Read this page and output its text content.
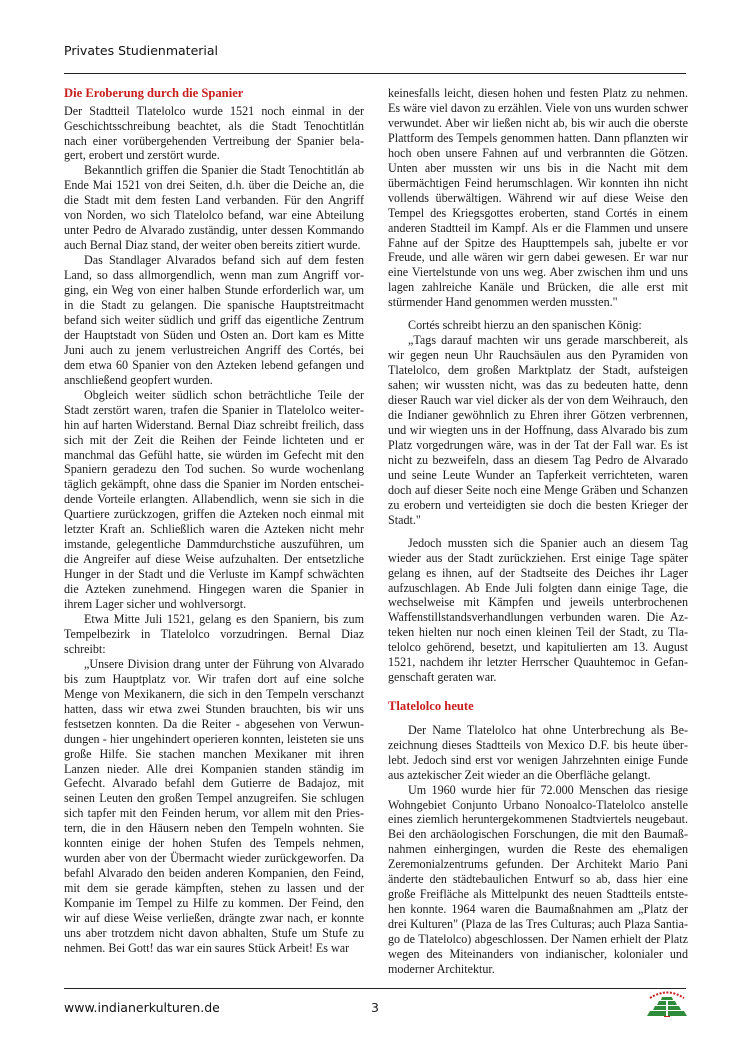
Privates Studienmaterial
Die Eroberung durch die Spanier

Der Stadtteil Tlatelolco wurde 1521 noch einmal in der Geschichtsschreibung beachtet, als die Stadt Tenochtitlán nach einer vorübergehenden Vertreibung der Spanier belagert, erobert und zerstört wurde.

Bekanntlich griffen die Spanier die Stadt Tenochtitlán ab Ende Mai 1521 von drei Seiten, d.h. über die Deiche an, die die Stadt mit dem festen Land verbanden. Für den Angriff von Norden, wo sich Tlatelolco befand, war eine Abteilung unter Pedro de Alvarado zuständig, unter dessen Kommando auch Bernal Diaz stand, der weiter oben bereits zitiert wurde.

Das Standlager Alvarados befand sich auf dem festen Land, so dass allmorgendlich, wenn man zum Angriff vorging, ein Weg von einer halben Stunde erforderlich war, um in die Stadt zu gelangen. Die spanische Hauptstreitmacht befand sich weiter südlich und griff das eigentliche Zentrum der Hauptstadt von Süden und Osten an. Dort kam es Mitte Juni auch zu jenem verlustreichen Angriff des Cortés, bei dem etwa 60 Spanier von den Azteken lebend gefangen und anschließend geopfert wurden.

Obgleich weiter südlich schon beträchtliche Teile der Stadt zerstört waren, trafen die Spanier in Tlatelolco weiterhin auf harten Widerstand. Bernal Diaz schreibt freilich, dass sich mit der Zeit die Reihen der Feinde lichteten und er manchmal das Gefühl hatte, sie würden im Gefecht mit den Spaniern geradezu den Tod suchen. So wurde wochenlang täglich gekämpft, ohne dass die Spanier im Norden entscheidende Vorteile erlangten. Allabendlich, wenn sie sich in die Quartiere zurückzogen, griffen die Azteken noch einmal mit letzter Kraft an. Schließlich waren die Azteken nicht mehr imstande, gelegentliche Dammdurchstiche auszuführen, um die Angreifer auf diese Weise aufzuhalten. Der entsetzliche Hunger in der Stadt und die Verluste im Kampf schwächten die Azteken zunehmend. Hingegen waren die Spanier in ihrem Lager sicher und wohlversorgt.

Etwa Mitte Juli 1521, gelang es den Spaniern, bis zum Tempelbezirk in Tlatelolco vorzudringen. Bernal Diaz schreibt:

„Unsere Division drang unter der Führung von Alvarado bis zum Hauptplatz vor. Wir trafen dort auf eine solche Menge von Mexikanern, die sich in den Tempeln verschanzt hatten, dass wir etwa zwei Stunden brauchten, bis wir uns festsetzen konnten. Da die Reiter - abgesehen von Verwundungen - hier ungehindert operieren konnten, leisteten sie uns große Hilfe. Sie stachen manchen Mexikaner mit ihren Lanzen nieder. Alle drei Kompanien standen ständig im Gefecht. Alvarado befahl dem Gutierre de Badajoz, mit seinen Leuten den großen Tempel anzugreifen. Sie schlugen sich tapfer mit den Feinden herum, vor allem mit den Priestern, die in den Häusern neben den Tempeln wohnten. Sie konnten einige der hohen Stufen des Tempels nehmen, wurden aber von der Übermacht wieder zurückgeworfen. Da befahl Alvarado den beiden anderen Kompanien, den Feind, mit dem sie gerade kämpften, stehen zu lassen und der Kompanie im Tempel zu Hilfe zu kommen. Der Feind, den wir auf diese Weise verließen, drängte zwar nach, er konnte uns aber trotzdem nicht davon abhalten, Stufe um Stufe zu nehmen. Bei Gott! das war ein saures Stück Arbeit! Es war

keinesfalls leicht, diesen hohen und festen Platz zu nehmen. Es wäre viel davon zu erzählen. Viele von uns wurden schwer verwundet. Aber wir ließen nicht ab, bis wir auch die oberste Plattform des Tempels genommen hatten. Dann pflanzten wir hoch oben unsere Fahnen auf und verbrannten die Götzen. Unten aber mussten wir uns bis in die Nacht mit dem übermächtigen Feind herumschlagen. Wir konnten ihn nicht vollends überwältigen. Während wir auf diese Weise den Tempel des Kriegsgottes eroberten, stand Cortés in einem anderen Stadtteil im Kampf. Als er die Flammen und unsere Fahne auf der Spitze des Haupttempels sah, jubelte er vor Freude, und alle wären wir gern dabei gewesen. Er war nur eine Viertelstunde von uns weg. Aber zwischen ihm und uns lagen zahlreiche Kanäle und Brücken, die alle erst mit stürmender Hand genommen werden mussten."

Cortés schreibt hierzu an den spanischen König:

„Tags darauf machten wir uns gerade marschbereit, als wir gegen neun Uhr Rauchsäulen aus den Pyramiden von Tlatelolco, dem großen Marktplatz der Stadt, aufsteigen sahen; wir wussten nicht, was das zu bedeuten hatte, denn dieser Rauch war viel dicker als der von dem Weihrauch, den die Indianer gewöhnlich zu Ehren ihrer Götzen verbrennen, und wir wiegten uns in der Hoffnung, dass Alvarado bis zum Platz vorgedrungen wäre, was in der Tat der Fall war. Es ist nicht zu bezweifeln, dass an diesem Tag Pedro de Alvarado und seine Leute Wunder an Tapferkeit verrichteten, waren doch auf dieser Seite noch eine Menge Gräben und Schanzen zu erobern und verteidigten sie doch die besten Krieger der Stadt."

Jedoch mussten sich die Spanier auch an diesem Tag wieder aus der Stadt zurückziehen. Erst einige Tage später gelang es ihnen, auf der Stadtseite des Deiches ihr Lager aufzuschlagen. Ab Ende Juli folgten dann einige Tage, die wechselweise mit Kämpfen und jeweils unterbrochenen Waffenstillstandsverhandlungen verbunden waren. Die Azteken hielten nur noch einen kleinen Teil der Stadt, zu Tlatelolco gehörend, besetzt, und kapitulierten am 13. August 1521, nachdem ihr letzter Herrscher Quauhtemoc in Gefangenschaft geraten war.

Tlatelolco heute

Der Name Tlatelolco hat ohne Unterbrechung als Bezeichnung dieses Stadtteils von Mexico D.F. bis heute überlebt. Jedoch sind erst vor wenigen Jahrzehnten einige Funde aus aztekischer Zeit wieder an die Oberfläche gelangt.

Um 1960 wurde hier für 72.000 Menschen das riesige Wohngebiet Conjunto Urbano Nonoalco-Tlatelolco anstelle eines ziemlich heruntergekommenen Stadtviertels neugebaut. Bei den archäologischen Forschungen, die mit den Baumaßnahmen einhergingen, wurden die Reste des ehemaligen Zeremonialzentrums gefunden. Der Architekt Mario Pani änderte den städtebaulichen Entwurf so ab, dass hier eine große Freifläche als Mittelpunkt des neuen Stadtteils entstehen konnte. 1964 waren die Baumaßnahmen am „Platz der drei Kulturen" (Plaza de las Tres Culturas; auch Plaza Santiago de Tlatelolco) abgeschlossen. Der Namen erhielt der Platz wegen des Miteinanders von indianischer, kolonialer und moderner Architektur.

www.indianerkulturen.de	3
